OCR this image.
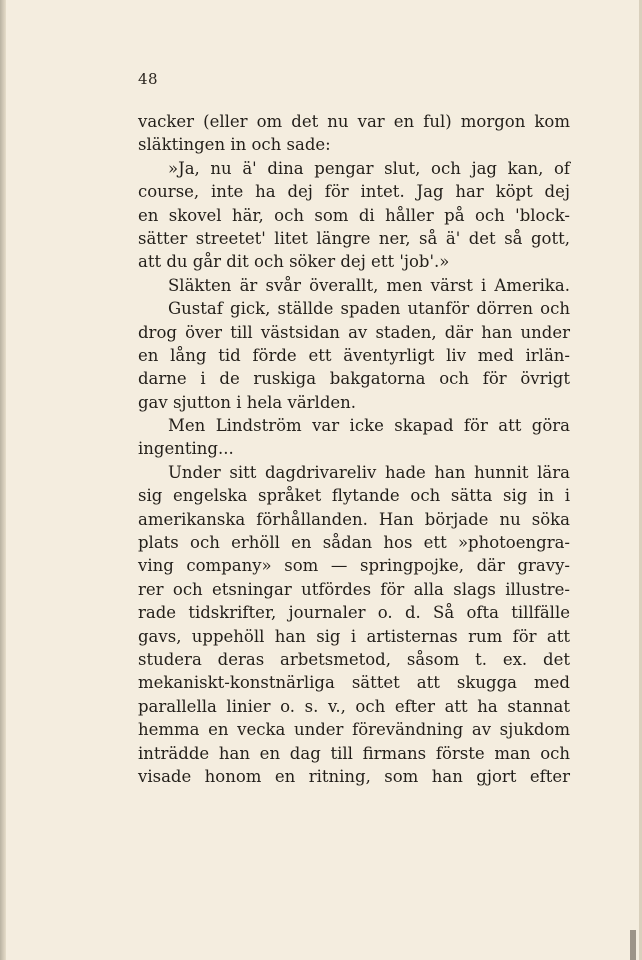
48
vacker (eller om det nu var en ful) morgon kom
släktingen in och sade:
»Ja, nu ä' dina pengar slut, och jag kan, of
course, inte ha dej för intet. Jag har köpt dej
en skovel här, och som di håller på och 'block-
sätter streetet' litet längre ner, så ä' det så gott,
att du går dit och söker dej ett 'job'.»
Släkten är svår överallt, men värst i Amerika.
Gustaf gick, ställde spaden utanför dörren och
drog över till västsidan av staden, där han under
en lång tid förde ett äventyrligt liv med irlän-
darne i de ruskiga bakgatorna och för övrigt
gav sjutton i hela världen.
Men Lindström var icke skapad för att göra
ingenting...
Under sitt dagdrivareliv hade han hunnit lära
sig engelska språket flytande och sätta sig in i
amerikanska förhållanden. Han började nu söka
plats och erhöll en sådan hos ett »photoengra-
ving company» som — springpojke, där gravy-
rer och etsningar utfördes för alla slags illustre-
rade tidskrifter, journaler o. d. Så ofta tillfälle
gavs, uppehöll han sig i artisternas rum för att
studera deras arbetsmetod, såsom t. ex. det
mekaniskt-konstnärliga sättet att skugga med
parallella linier o. s. v., och efter att ha stannat
hemma en vecka under förevändning av sjukdom
inträdde han en dag till firmans förste man och
visade honom en ritning, som han gjort efter
